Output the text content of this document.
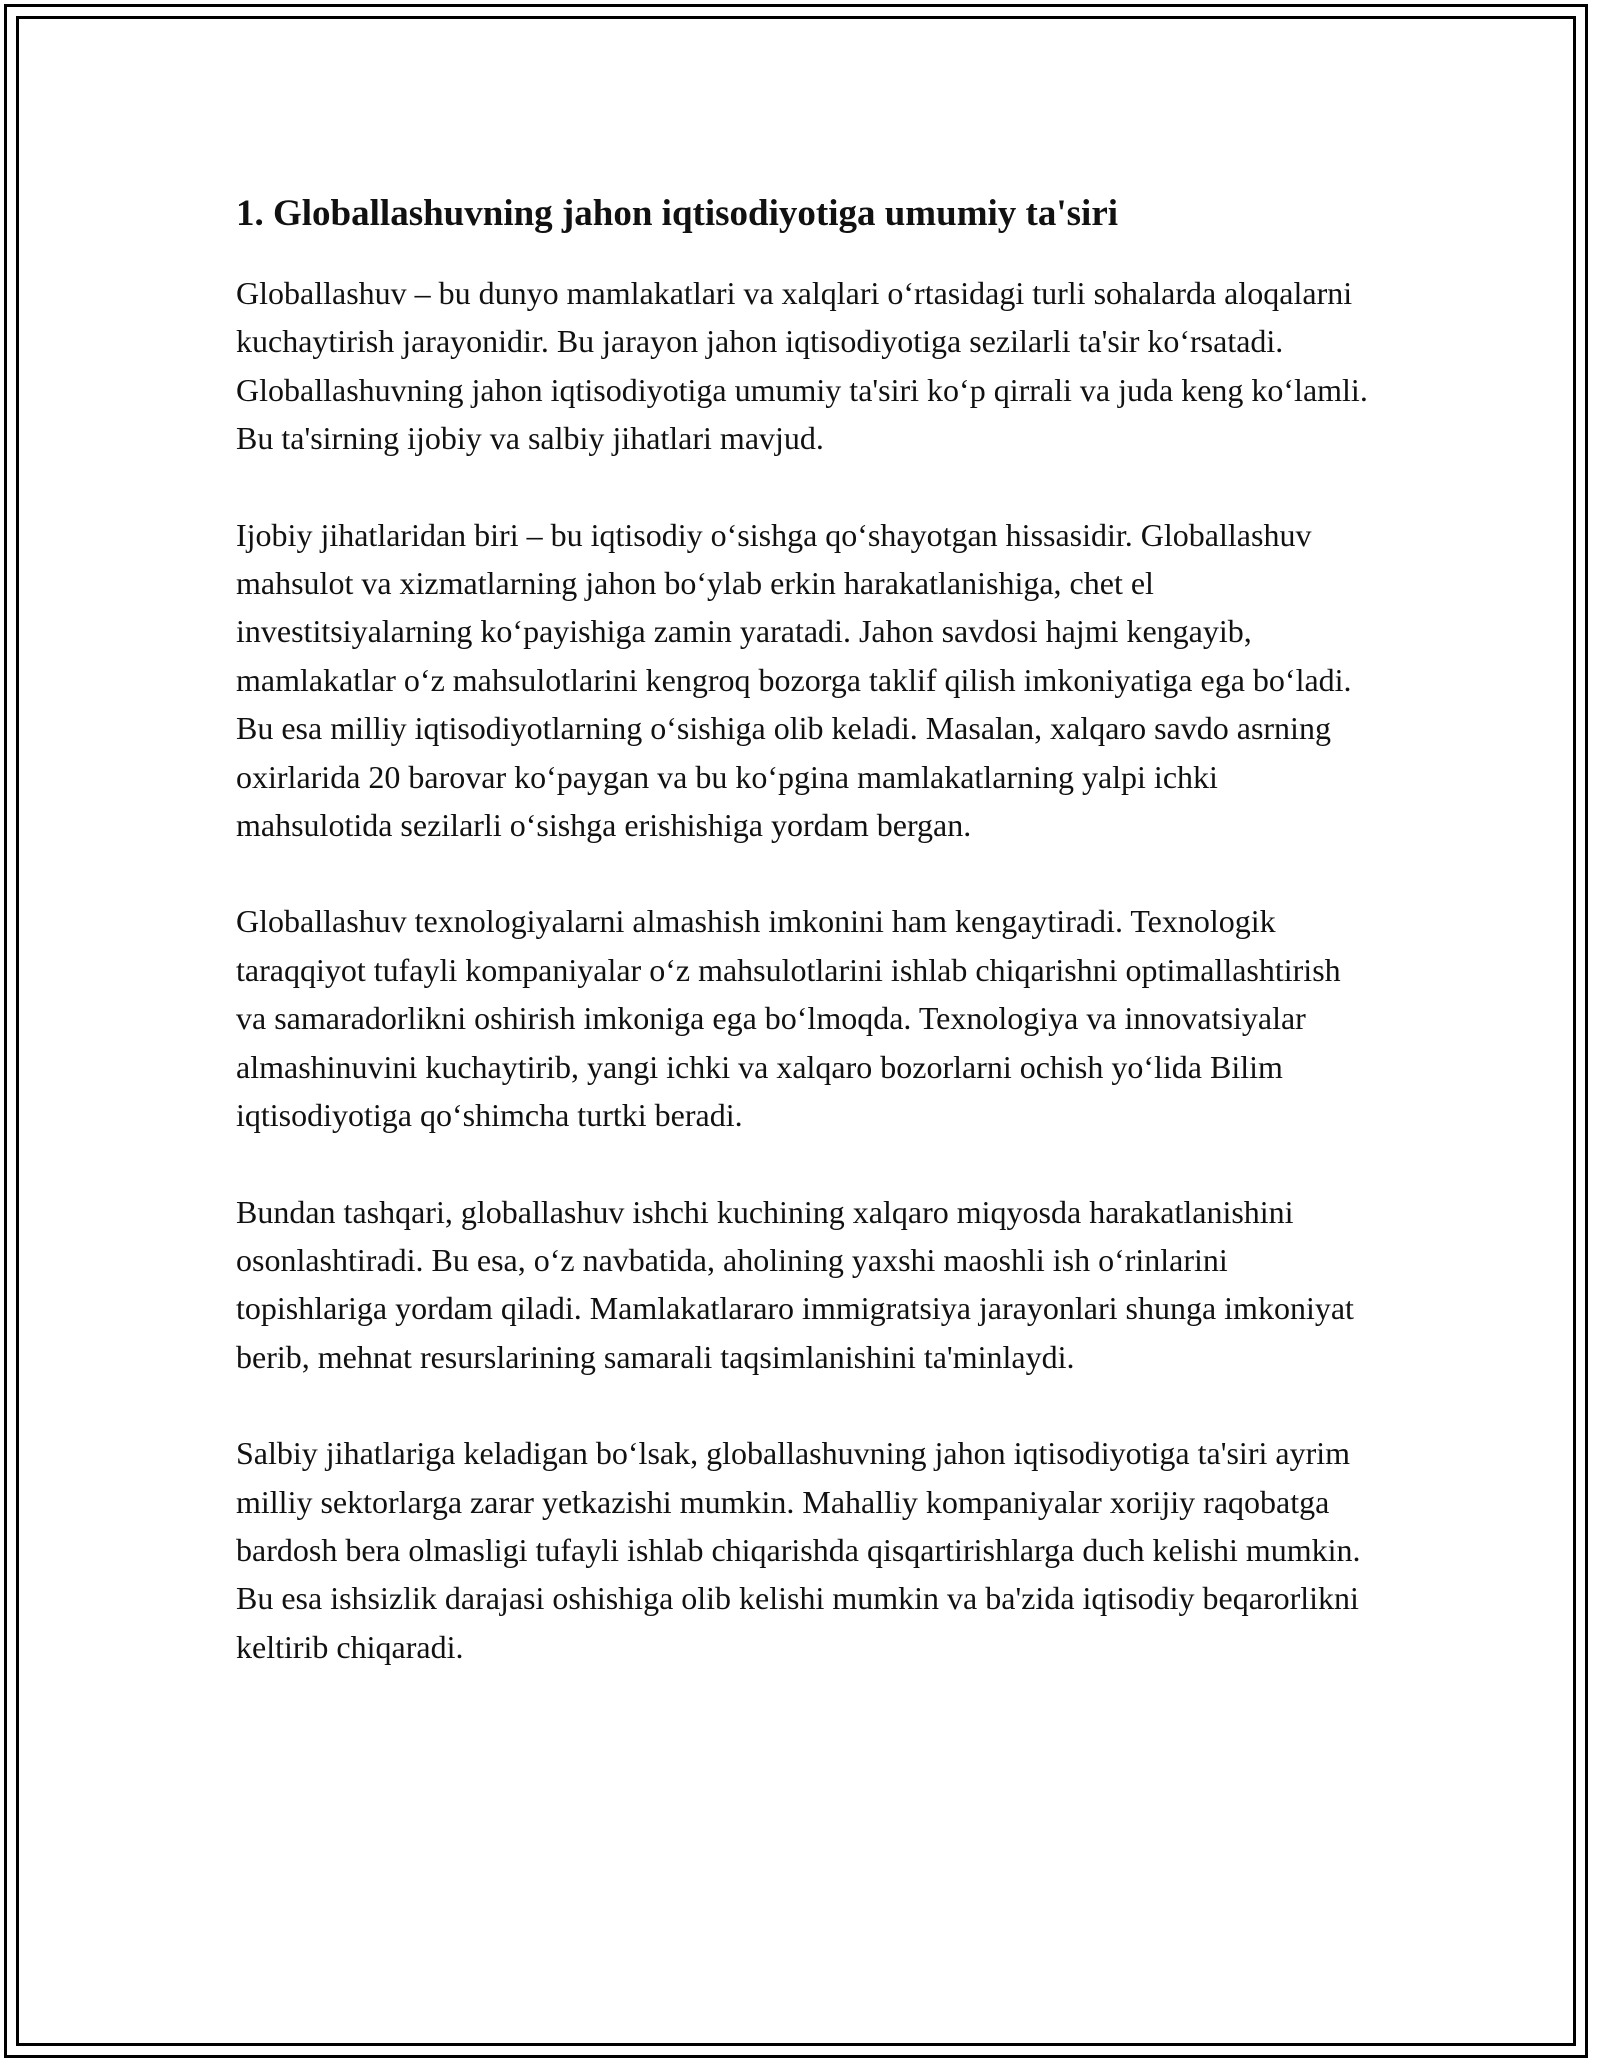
1. Globallashuvning jahon iqtisodiyotiga umumiy ta'siri

Globallashuv – bu dunyo mamlakatlari va xalqlari oʻrtasidagi turli sohalarda aloqalarni kuchaytirish jarayonidir. Bu jarayon jahon iqtisodiyotiga sezilarli ta'sir koʻrsatadi. Globallashuvning jahon iqtisodiyotiga umumiy ta'siri koʻp qirrali va juda keng koʻlamli. Bu ta'sirning ijobiy va salbiy jihatlari mavjud.

Ijobiy jihatlaridan biri – bu iqtisodiy oʻsishga qoʻshayotgan hissasidir. Globallashuv mahsulot va xizmatlarning jahon boʻylab erkin harakatlanishiga, chet el investitsiyalarning koʻpayishiga zamin yaratadi. Jahon savdosi hajmi kengayib, mamlakatlar oʻz mahsulotlarini kengroq bozorga taklif qilish imkoniyatiga ega boʻladi. Bu esa milliy iqtisodiyotlarning oʻsishiga olib keladi. Masalan, xalqaro savdo asrning oxirlarida 20 barovar koʻpaygan va bu koʻpgina mamlakatlarning yalpi ichki mahsulotida sezilarli oʻsishga erishishiga yordam bergan.

Globallashuv texnologiyalarni almashish imkonini ham kengaytiradi. Texnologik taraqqiyot tufayli kompaniyalar oʻz mahsulotlarini ishlab chiqarishni optimallashtirish va samaradorlikni oshirish imkoniga ega boʻlmoqda. Texnologiya va innovatsiyalar almashinuvini kuchaytirib, yangi ichki va xalqaro bozorlarni ochish yoʻlida Bilim iqtisodiyotiga qoʻshimcha turtki beradi.

Bundan tashqari, globallashuv ishchi kuchining xalqaro miqyosda harakatlanishini osonlashtiradi. Bu esa, oʻz navbatida, aholining yaxshi maoshli ish oʻrinlarini topishlariga yordam qiladi. Mamlakatlararo immigratsiya jarayonlari shunga imkoniyat berib, mehnat resurslarining samarali taqsimlanishini ta'minlaydi.

Salbiy jihatlariga keladigan boʻlsak, globallashuvning jahon iqtisodiyotiga ta'siri ayrim milliy sektorlarga zarar yetkazishi mumkin. Mahalliy kompaniyalar xorijiy raqobatga bardosh bera olmasligi tufayli ishlab chiqarishda qisqartirishlarga duch kelishi mumkin. Bu esa ishsizlik darajasi oshishiga olib kelishi mumkin va ba'zida iqtisodiy beqarorlikni keltirib chiqaradi.
